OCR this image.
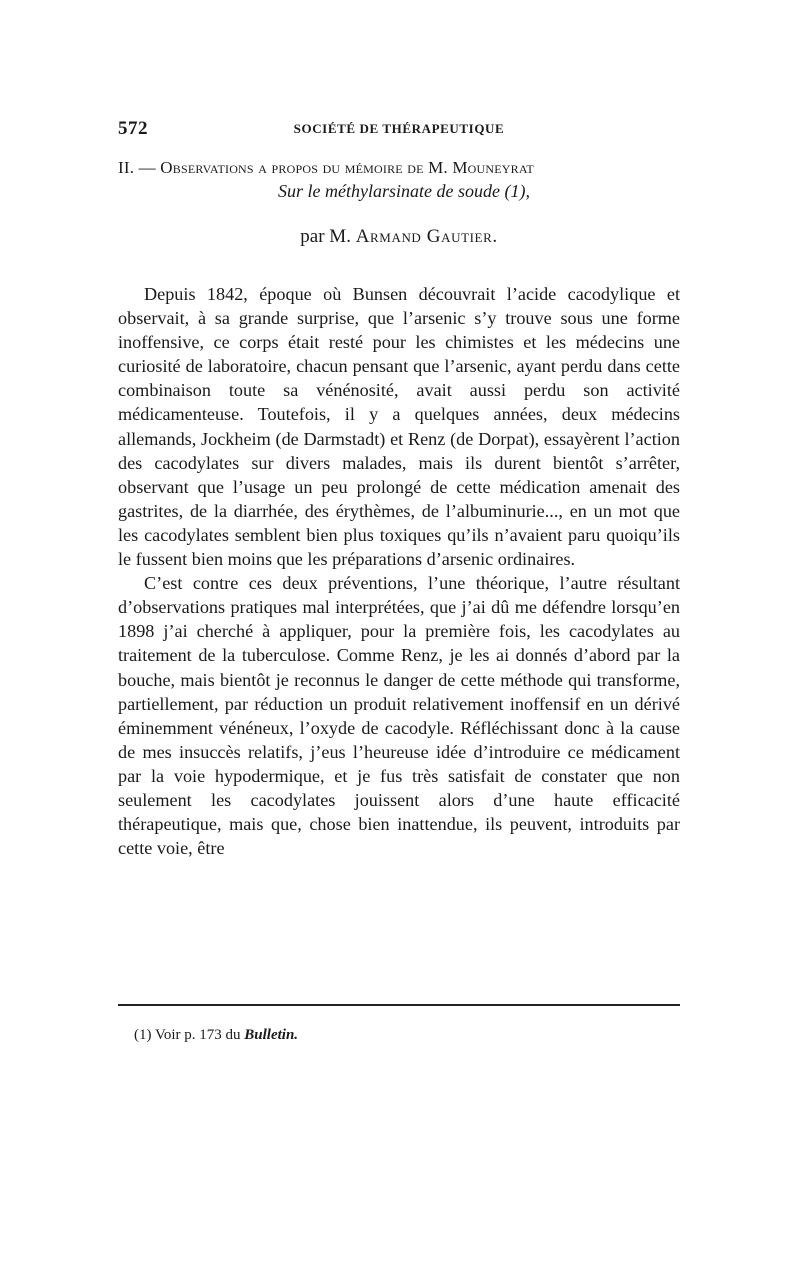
572	SOCIÉTÉ DE THÉRAPEUTIQUE
II. — Observations a propos du mémoire de M. Mouneyrat
Sur le méthylarsinate de soude (1),
par M. Armand Gautier.

Depuis 1842, époque où Bunsen découvrait l’acide cacodylique et observait, à sa grande surprise, que l’arsenic s’y trouve sous une forme inoffensive, ce corps était resté pour les chimistes et les médecins une curiosité de laboratoire, chacun pensant que l’arsenic, ayant perdu dans cette combinaison toute sa vénénosité, avait aussi perdu son activité médicamenteuse. Toutefois, il y a quelques années, deux médecins allemands, Jockheim (de Darmstadt) et Renz (de Dorpat), essayèrent l’action des cacodylates sur divers malades, mais ils durent bientôt s’arrêter, observant que l’usage un peu prolongé de cette médication amenait des gastrites, de la diarrhée, des érythèmes, de l’albuminurie..., en un mot que les cacodylates semblent bien plus toxiques qu’ils n’avaient paru quoiqu’ils le fussent bien moins que les préparations d’arsenic ordinaires.

C’est contre ces deux préventions, l’une théorique, l’autre résultant d’observations pratiques mal interprétées, que j’ai dû me défendre lorsqu’en 1898 j’ai cherché à appliquer, pour la première fois, les cacodylates au traitement de la tuberculose. Comme Renz, je les ai donnés d’abord par la bouche, mais bientôt je reconnus le danger de cette méthode qui transforme, partiellement, par réduction un produit relativement inoffensif en un dérivé éminemment vénéneux, l’oxyde de cacodyle. Réfléchissant donc à la cause de mes insuccès relatifs, j’eus l’heureuse idée d’introduire ce médicament par la voie hypodermique, et je fus très satisfait de constater que non seulement les cacodylates jouissent alors d’une haute efficacité thérapeutique, mais que, chose bien inattendue, ils peuvent, introduits par cette voie, être

(1) Voir p. 173 du Bulletin.
